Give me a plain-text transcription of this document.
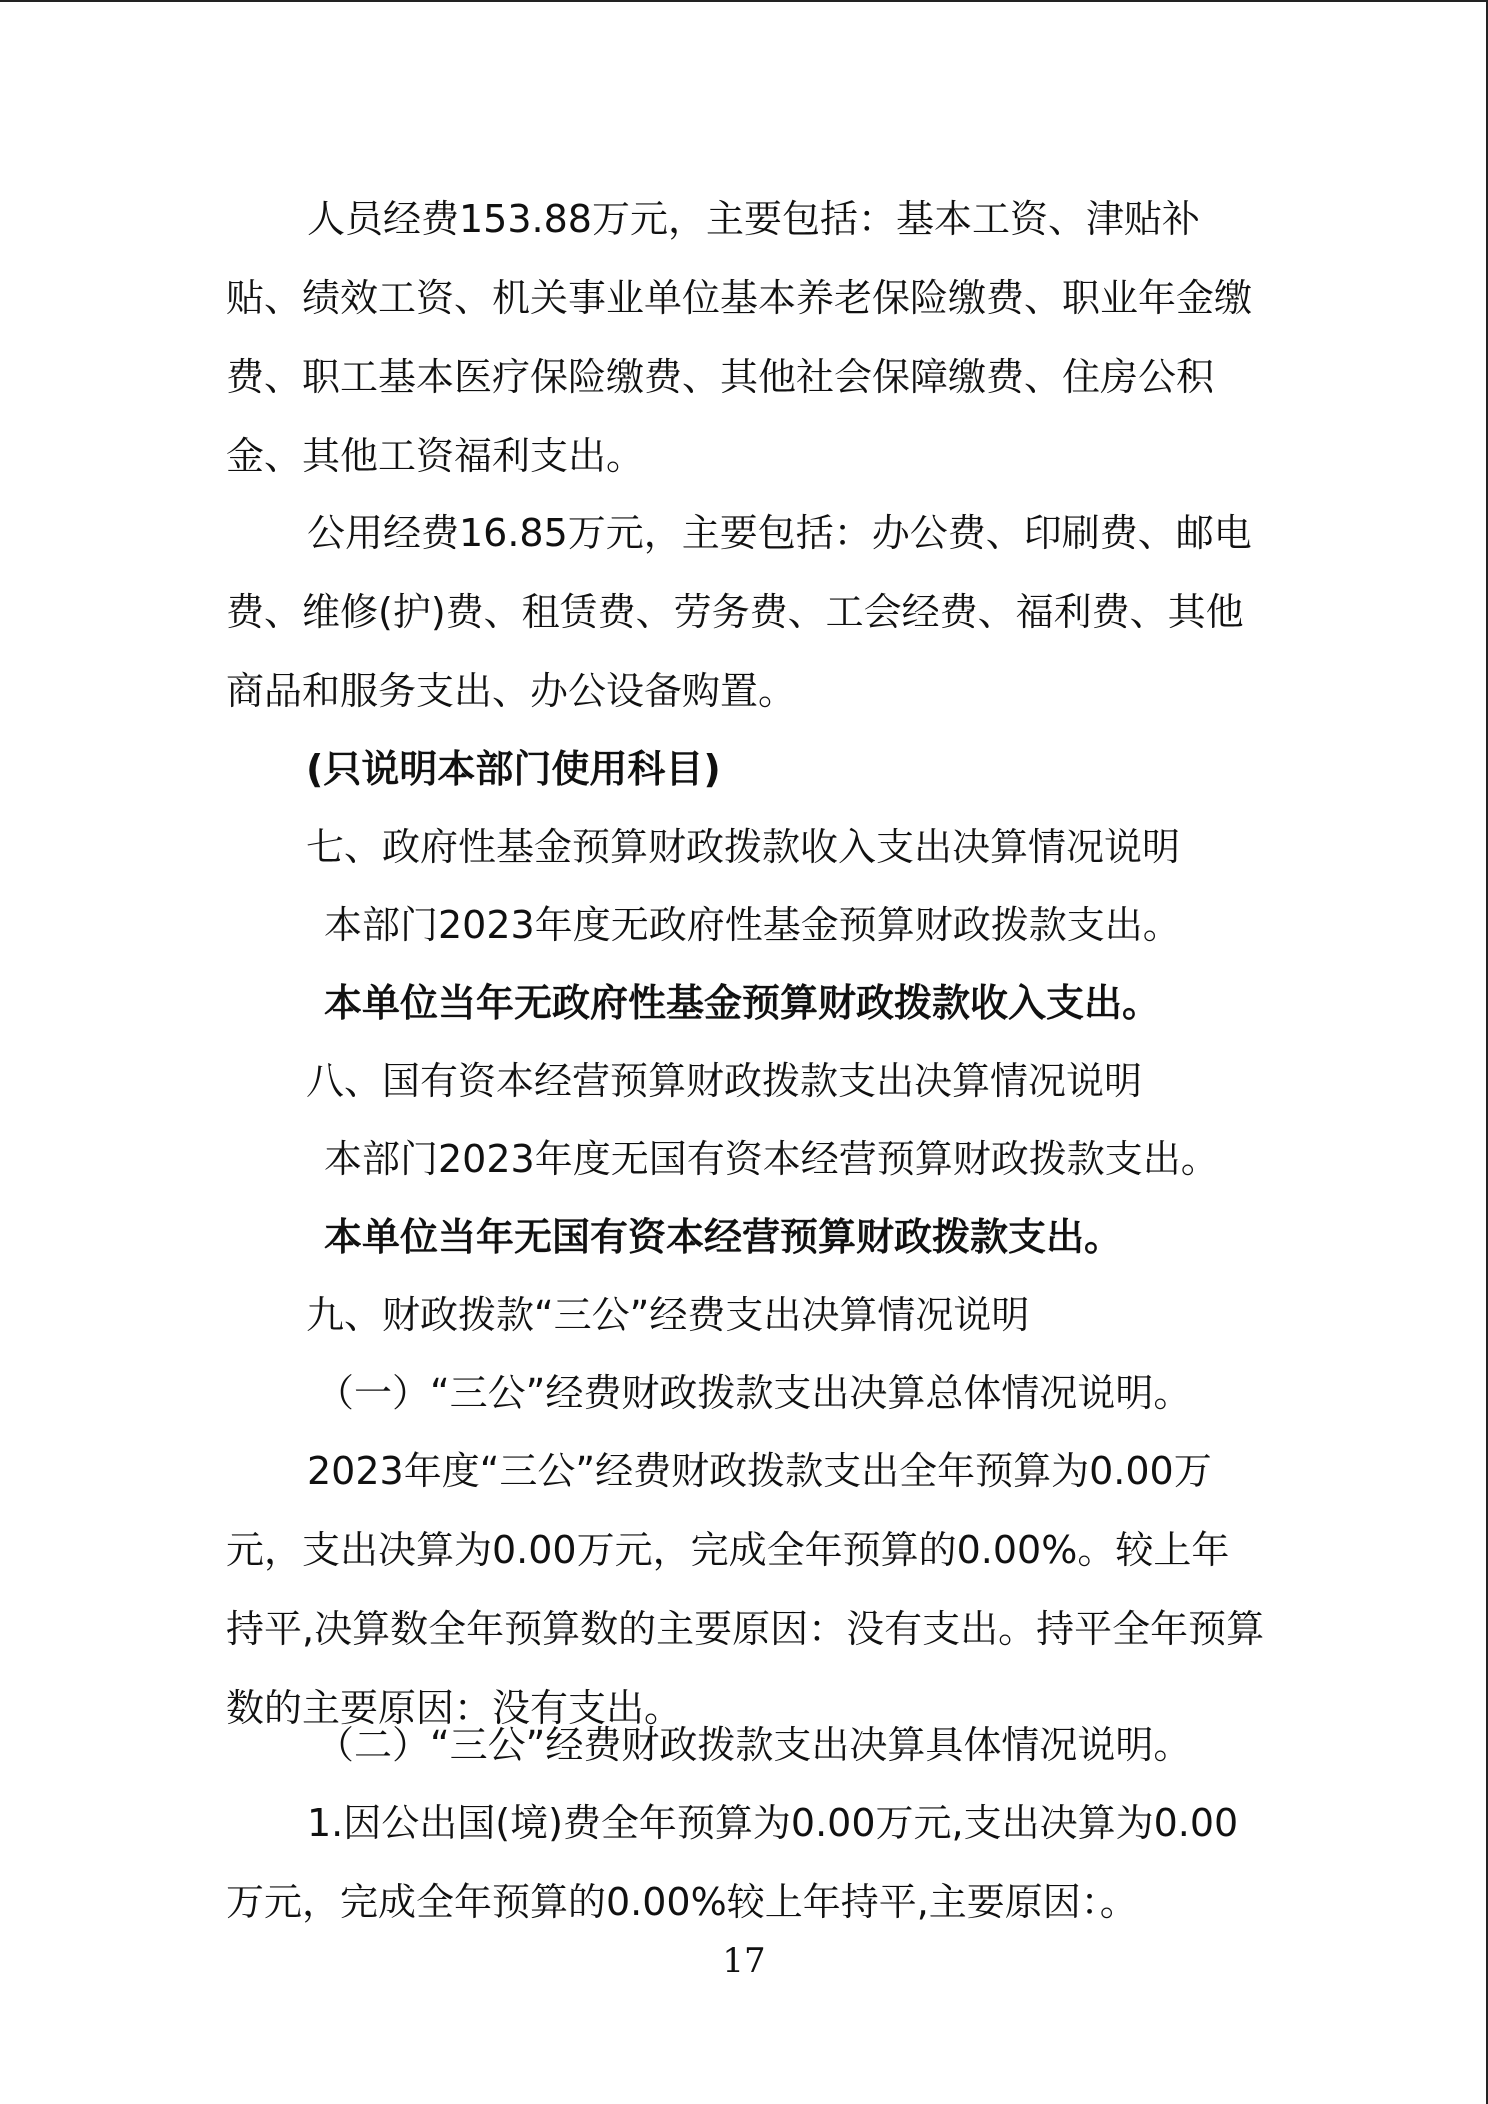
人员经费153.88万元，主要包括：基本工资、津贴补贴、绩效工资、机关事业单位基本养老保险缴费、职业年金缴费、职工基本医疗保险缴费、其他社会保障缴费、住房公积金、其他工资福利支出。

公用经费16.85万元，主要包括：办公费、印刷费、邮电费、维修(护)费、租赁费、劳务费、工会经费、福利费、其他商品和服务支出、办公设备购置。

(只说明本部门使用科目)

七、政府性基金预算财政拨款收入支出决算情况说明

本部门2023年度无政府性基金预算财政拨款支出。

本单位当年无政府性基金预算财政拨款收入支出。

八、国有资本经营预算财政拨款支出决算情况说明

本部门2023年度无国有资本经营预算财政拨款支出。

本单位当年无国有资本经营预算财政拨款支出。

九、财政拨款“三公”经费支出决算情况说明

（一）“三公”经费财政拨款支出决算总体情况说明。

2023年度“三公”经费财政拨款支出全年预算为0.00万元，支出决算为0.00万元，完成全年预算的0.00%。较上年持平,决算数全年预算数的主要原因：没有支出。持平全年预算数的主要原因：没有支出。

（二）“三公”经费财政拨款支出决算具体情况说明。

1.因公出国(境)费全年预算为0.00万元,支出决算为0.00万元，完成全年预算的0.00%较上年持平,主要原因：。

17
